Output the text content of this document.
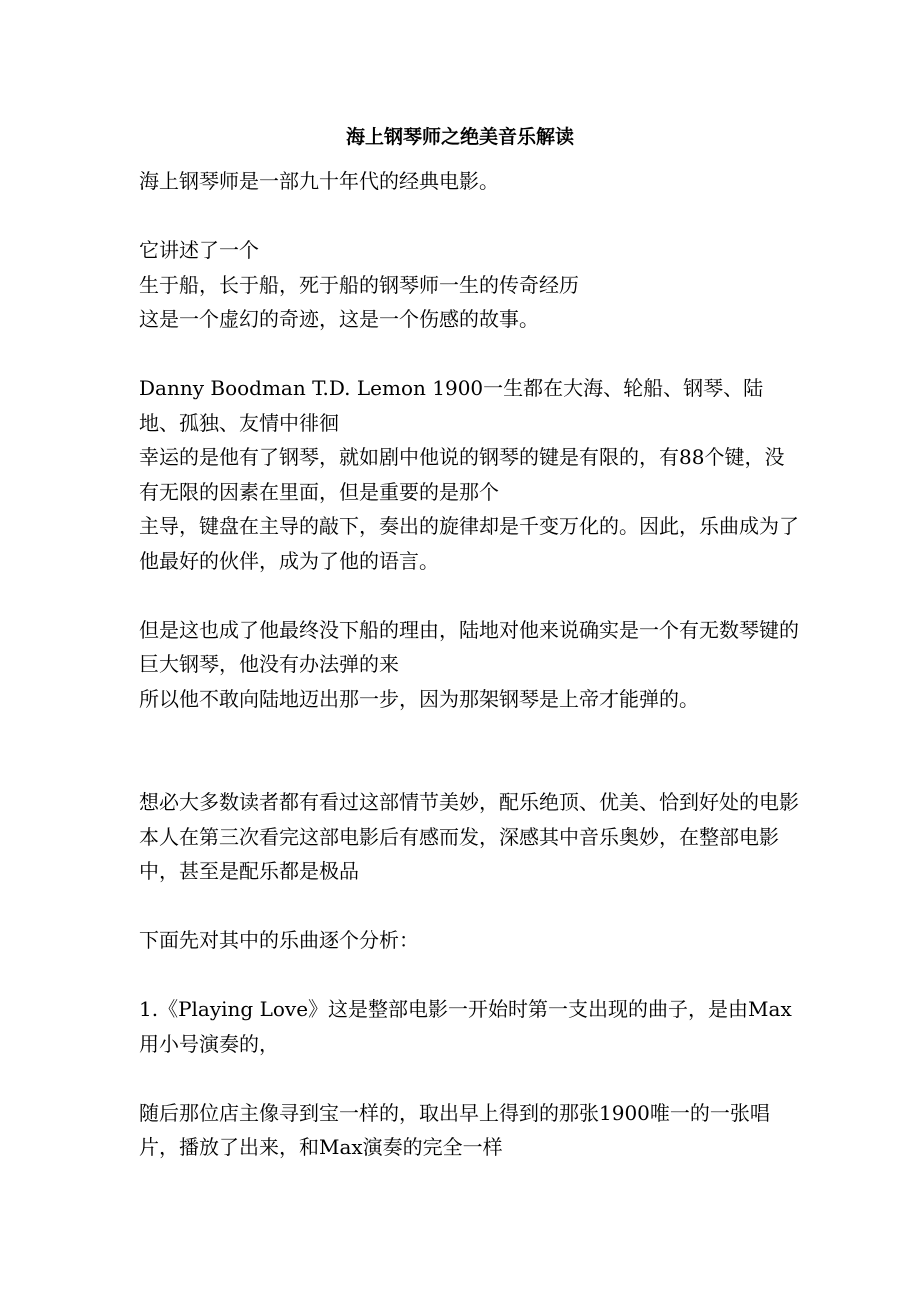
海上钢琴师之绝美音乐解读

海上钢琴师是一部九十年代的经典电影。

它讲述了一个

生于船，长于船，死于船的钢琴师一生的传奇经历

这是一个虚幻的奇迹，这是一个伤感的故事。

Danny Boodman T.D. Lemon 1900一生都在大海、轮船、钢琴、陆地、孤独、友情中徘徊

幸运的是他有了钢琴，就如剧中他说的钢琴的键是有限的，有88个键，没有无限的因素在里面，但是重要的是那个

主导，键盘在主导的敲下，奏出的旋律却是千变万化的。因此，乐曲成为了他最好的伙伴，成为了他的语言。

但是这也成了他最终没下船的理由，陆地对他来说确实是一个有无数琴键的巨大钢琴，他没有办法弹的来

所以他不敢向陆地迈出那一步，因为那架钢琴是上帝才能弹的。

想必大多数读者都有看过这部情节美妙，配乐绝顶、优美、恰到好处的电影

本人在第三次看完这部电影后有感而发，深感其中音乐奥妙，在整部电影中，甚至是配乐都是极品

下面先对其中的乐曲逐个分析：

1.《Playing Love》这是整部电影一开始时第一支出现的曲子，是由Max用小号演奏的，

随后那位店主像寻到宝一样的，取出早上得到的那张1900唯一的一张唱片，播放了出来，和Max演奏的完全一样
